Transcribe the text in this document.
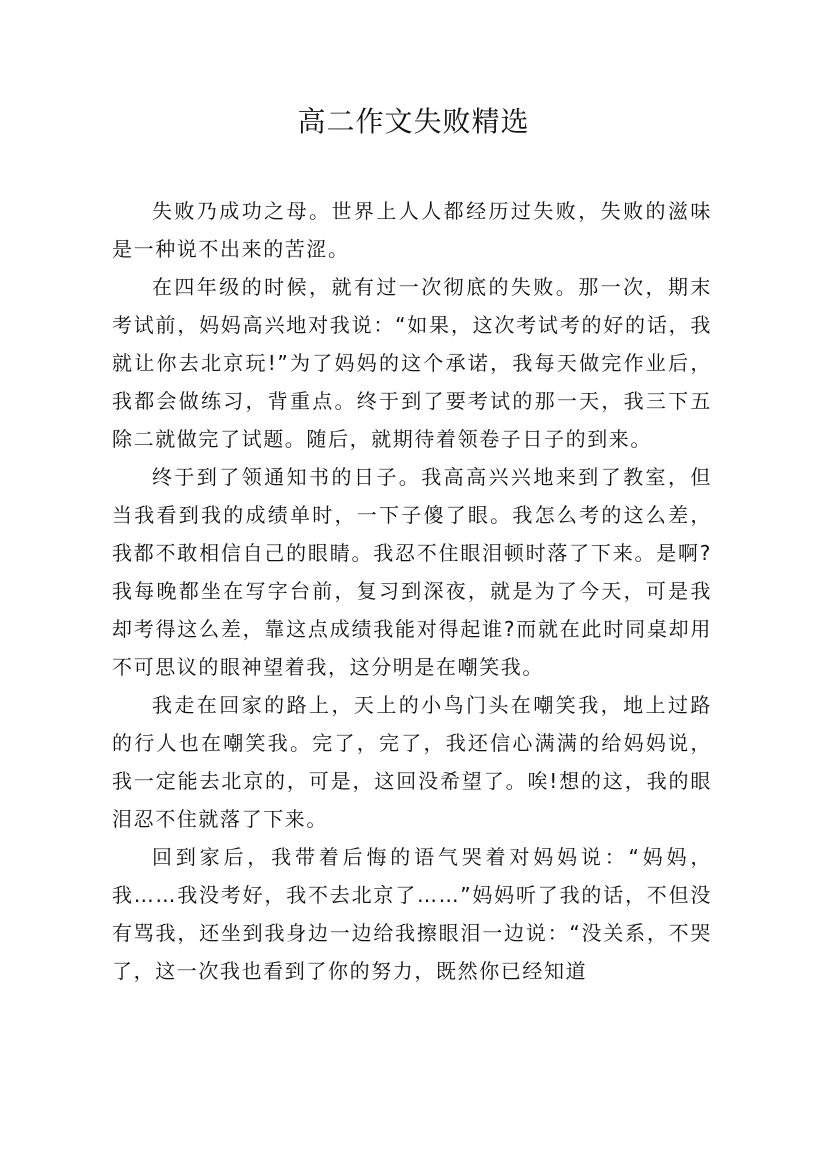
高二作文失败精选

失败乃成功之母。世界上人人都经历过失败，失败的滋味是一种说不出来的苦涩。

在四年级的时候，就有过一次彻底的失败。那一次，期末考试前，妈妈高兴地对我说：“如果，这次考试考的好的话，我就让你去北京玩!”为了妈妈的这个承诺，我每天做完作业后，我都会做练习，背重点。终于到了要考试的那一天，我三下五除二就做完了试题。随后，就期待着领卷子日子的到来。

终于到了领通知书的日子。我高高兴兴地来到了教室，但当我看到我的成绩单时，一下子傻了眼。我怎么考的这么差，我都不敢相信自己的眼睛。我忍不住眼泪顿时落了下来。是啊?我每晚都坐在写字台前，复习到深夜，就是为了今天，可是我却考得这么差，靠这点成绩我能对得起谁?而就在此时同桌却用不可思议的眼神望着我，这分明是在嘲笑我。

我走在回家的路上，天上的小鸟门头在嘲笑我，地上过路的行人也在嘲笑我。完了，完了，我还信心满满的给妈妈说，我一定能去北京的，可是，这回没希望了。唉!想的这，我的眼泪忍不住就落了下来。

回到家后，我带着后悔的语气哭着对妈妈说：“妈妈，我……我没考好，我不去北京了……”妈妈听了我的话，不但没有骂我，还坐到我身边一边给我擦眼泪一边说：“没关系，不哭了，这一次我也看到了你的努力，既然你已经知道
